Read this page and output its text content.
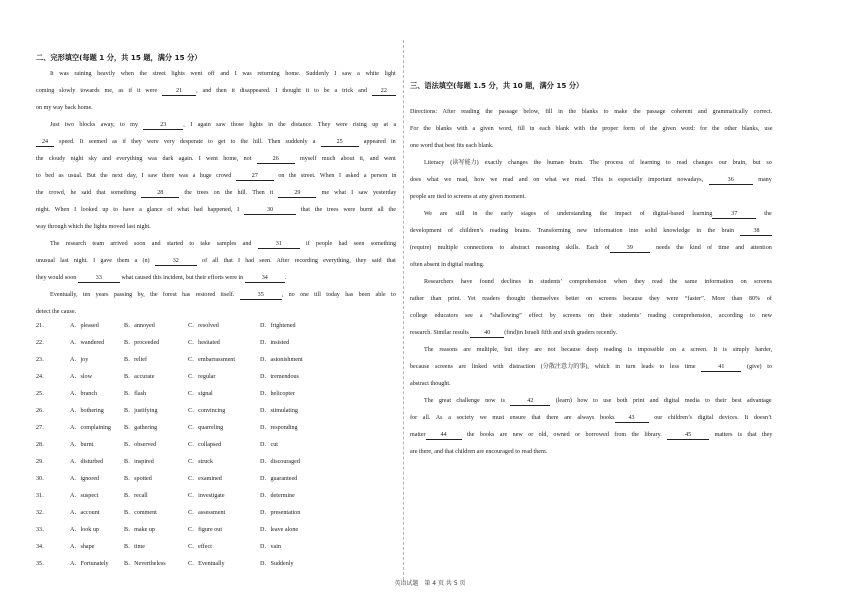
二、完形填空(每题 1 分，共 15 题，满分 15 分）
It was raining heavily when the street lights went off and I was returning home. Suddenly I saw a white light
coming slowly towards me, as if it were 21 , and then it disappeared. I thought it to be a trick and 22
on my way back home.
Just two blocks away, to my	23	, I again saw those lights in the distance. They were rising up at a
24 speed. It seemed as if they were very desperate to get to the hill. Then suddenly a	25	appeared in
the cloudy night sky and everything was dark again. I went home, not	26	myself much about it, and went
to bed as usual. But the next day, I saw there was a huge crowd	27	on the street. When I asked a person in
the crowd, he said that something	28	the trees on the hill. Then it	29	me what I saw yesterday
night. When I looked up to have a glance of what had happened, I	30	that the trees were burnt all the
way through which the lights moved last night.
The research team arrived soon and started to take samples and	31	if people had seen something
unusual last night. I gave them a (n)	32	of all that I had seen. After recording everything, they said that
they would soon	33	what caused this incident, but their efforts were in	34	.
Eventually, ten years passing by, the forest has restored itself.	35	, no one till today has been able to
detect the cause.
21．	A．pleased	B．annoyed	C．resolved	D．frightened
22．	A．wandered	B．proceeded	C．hesitated	D．insisted
23．	A．joy	B．relief	C．embarrassment	D．astonishment
24．	A．slow	B．accurate	C．regular	D．tremendous
25．	A．branch	B．flash	C．signal	D．helicopter
26．	A．bothering	B．justifying	C．convincing	D．stimulating
27．	A．complaining B．gathering	C．quarreling	D．responding
28．	A．burnt	B．observed	C．collapsed	D．cut
29．	A．disturbed	B．inspired	C．struck	D．discouraged
30．	A．ignored	B．spotted	C．examined	D．guaranteed
31．	A．suspect	B．recall	C．investigate	D．determine
32．	A．account	B．comment	C．assessment	D．presentation
33．	A．look up	B．make up	C．figure out	D．leave alone
34．	A．shape	B．time	C．effect	D．vain
35．	A．Fortunately	B．Nevertheless	C．Eventually	D．Suddenly
三、语法填空(每题 1.5 分，共 10 题，满分 15 分）
Directions: After reading the passage below, fill in the blanks to make the passage coherent and grammatically correct.
For the blanks with a given word, fill in each blank with the proper form of the given word: for the other blanks, use
one word that best fits each blank.
Literacy (读写能力) exactly changes the human brain. The process of learning to read changes our brain, but so
does what we read, how we read and on what we read. This is especially important nowadays,	36	many
people are tied to screens at any given moment.
We are still in the early stages of understanding the impact of digital-based learning	37	the
development of children’s reading brains. Transforming new information into solid knowledge in the brain 38
(require) multiple connections to abstract reasoning skills. Each of	39	needs the kind of time and attention
often absent in digital reading.
Researchers have found declines in students’ comprehension when they read the same information on screens
rather than print. Yet readers thought themselves better on screens because they were “faster”. More than 80% of
college educators see a “shallowing” effect by screens on their students’ reading comprehension, according to new
research. Similar results 40 (find)in Israeli fifth and sixth graders recently.
The reasons are multiple, but they are not because deep reading is impossible on a screen. It is simply harder,
because screens are linked with distraction (分散注意力的事), which in turn leads to less time	41	(give) to
abstract thought.
The great challenge now is	42	(learn) how to use both print and digital media to their best advantage
for all. As a society we must ensure that there are always books 43 our children’s digital devices. It doesn’t
matter 44 the books are new or old, owned or borrowed from the library.	45	matters is that they
are there, and that children are encouraged to read them.
英语试题 第 4 页 共 5 页
